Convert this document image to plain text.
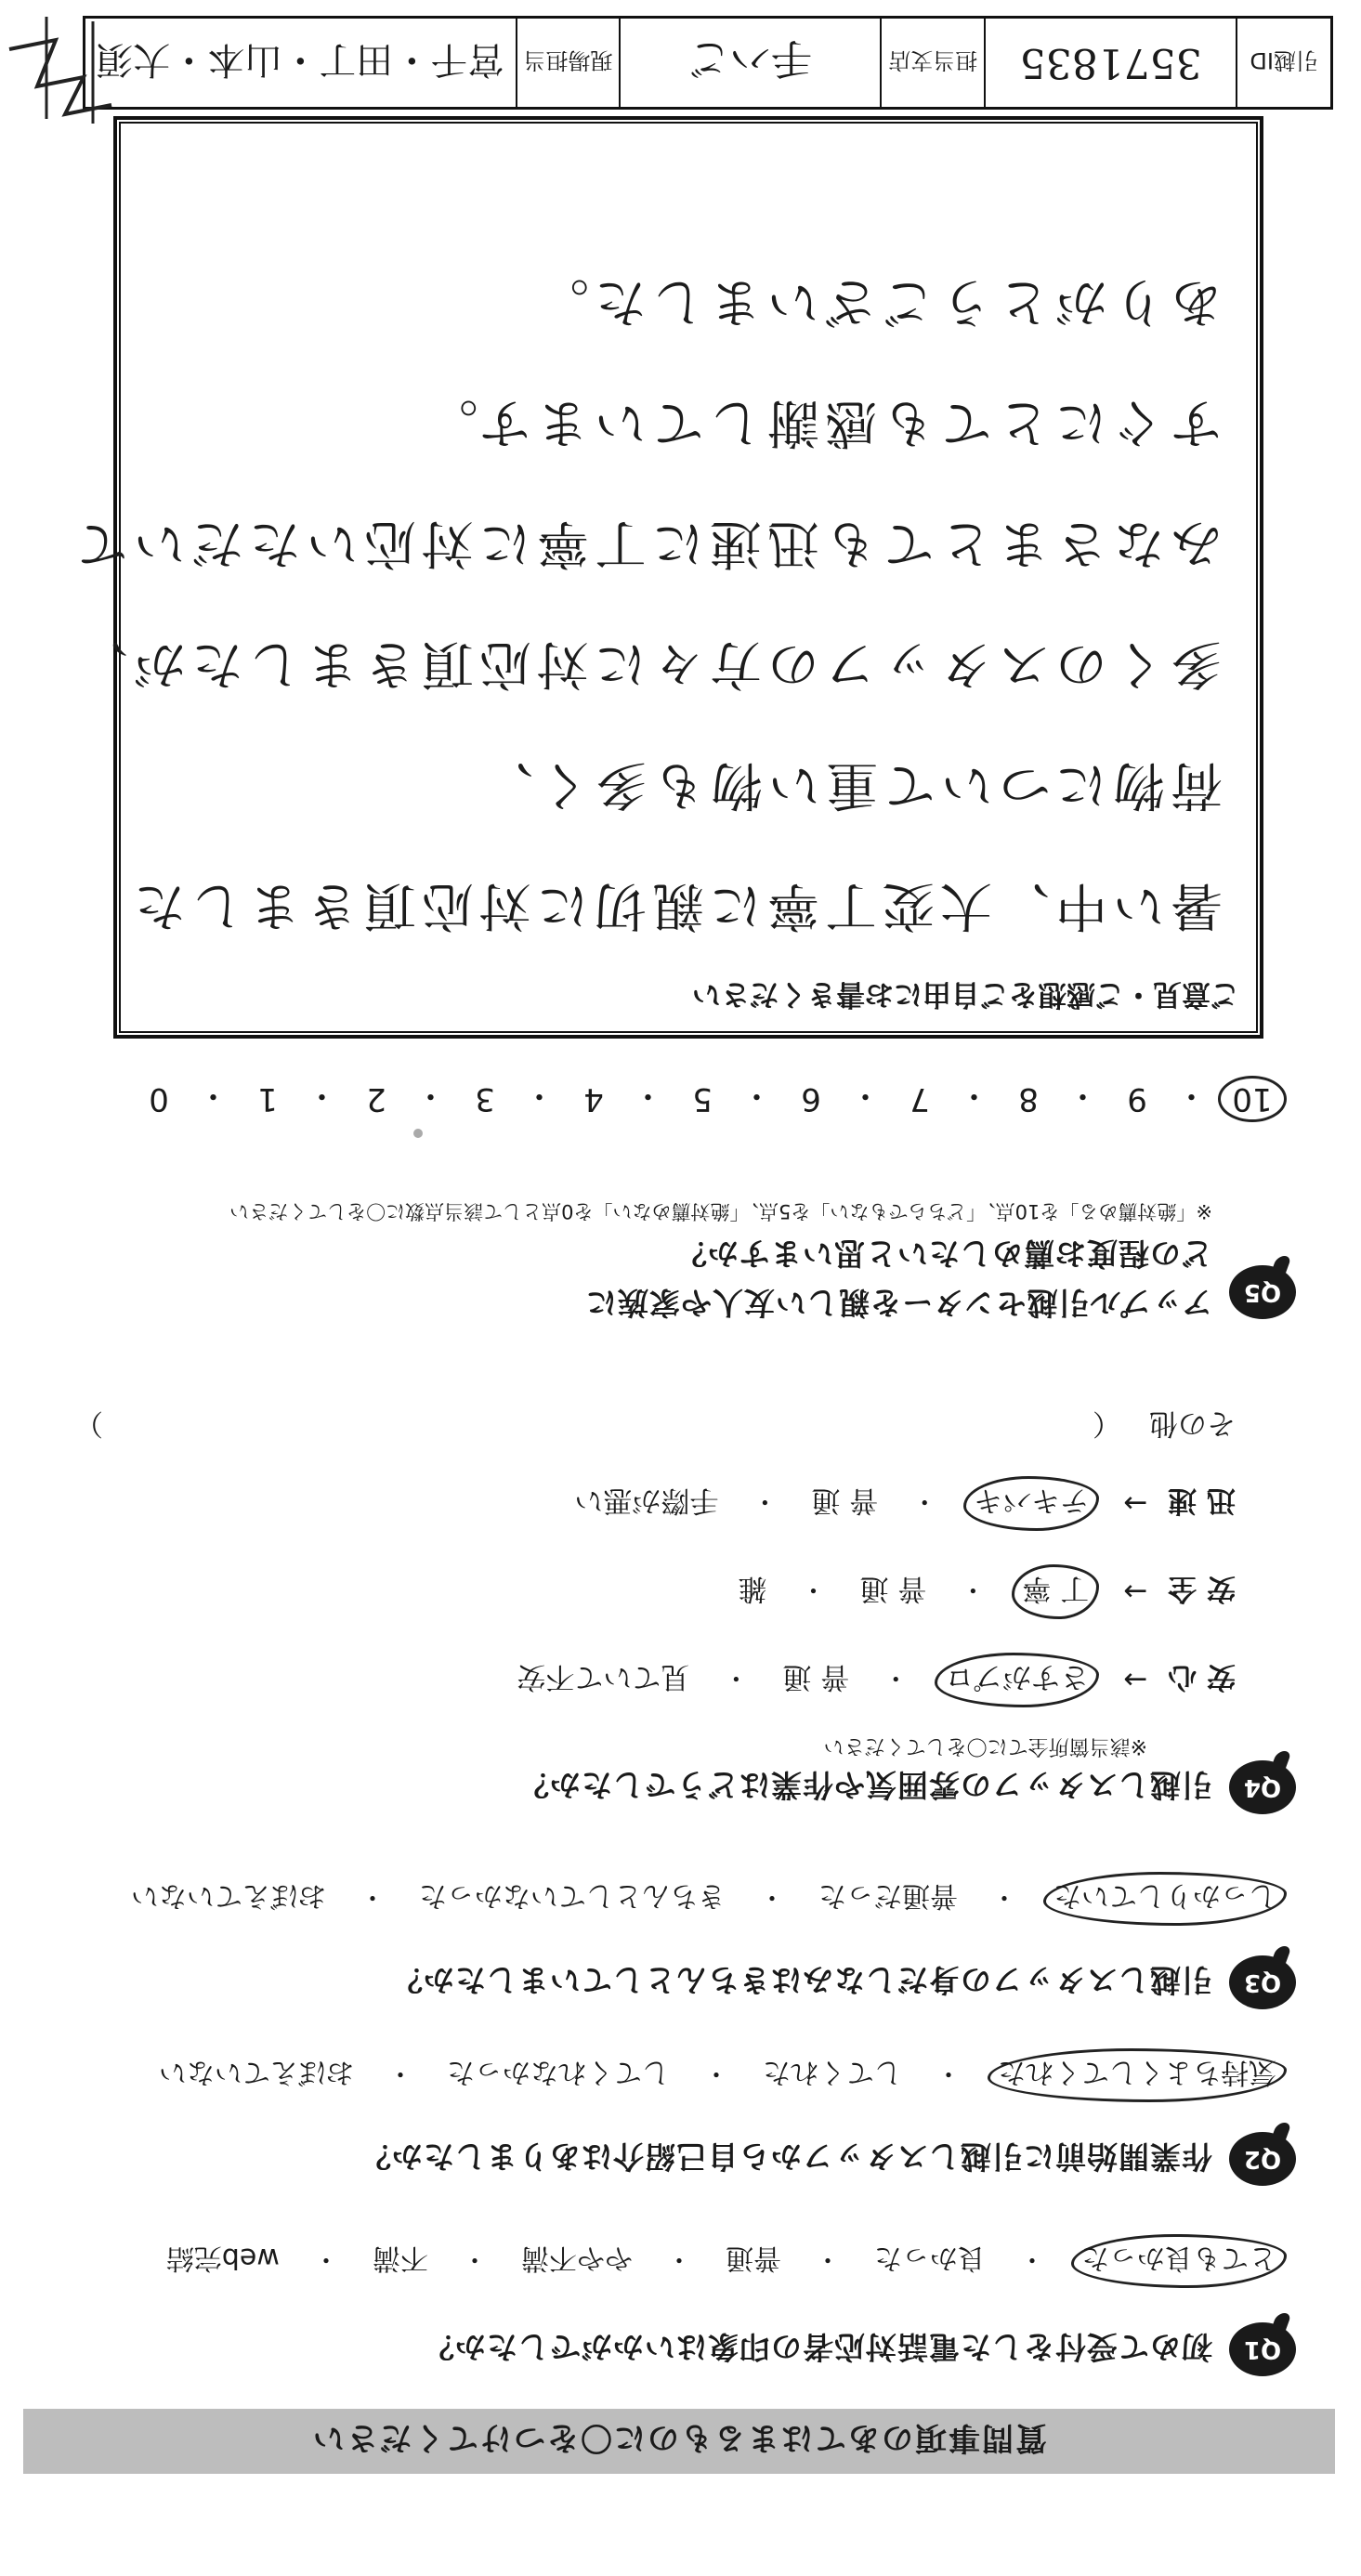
質問事項のあてはまるものに〇をつけてください
Q1
初めて受付をした電話対応者の印象はいかがでしたか？
とても良かった
・
良かった
・
普通
・
やや不満
・
不満
・
web完結
Q2
作業開始前に引越しスタッフから自己紹介はありましたか？
気持ちよくしてくれた
・
してくれた
・
してくれなかった
・
おぼえていない
Q3
引越しスタッフの身だしなみはきちんとしていましたか？
しっかりしていた
・
普通だった
・
きちんとしていなかった
・
おぼえていない
Q4
引越しスタッフの雰囲気や作業はどうでしたか？
※該当箇所全てに〇をしてください
安 心
→
さすがプロ
・
普 通
・
見ていて不安
安 全
→
丁 寧
・
普 通
・
雑
迅 速
→
テキパキ
・
普 通
・
手際が悪い
その他
（
）
Q5
アップル引越センターを親しい友人や家族に
どの程度お薦めしたいと思いますか？
※「絶対薦める」を10点、「どちらでもない」を5点、「絶対薦めない」を0点として該当点数に〇をしてください
10
・
9
・
8
・
7
・
6
・
5
・
4
・
3
・
2
・
1
・
0
ご意見・ご感想をご自由にお書きください
暑い中、大変丁寧に親切に対応頂きました
荷物について重い物も多く、
多くのスタッフの方々に対応頂きましたが、
みなさまとても迅速に丁寧に対応いただいて
すぐにとても感謝しています。
ありがとうございました。
引越ID
3571835
担当支店
手ハご
現場担当
宮千・田丁・山本・大須
